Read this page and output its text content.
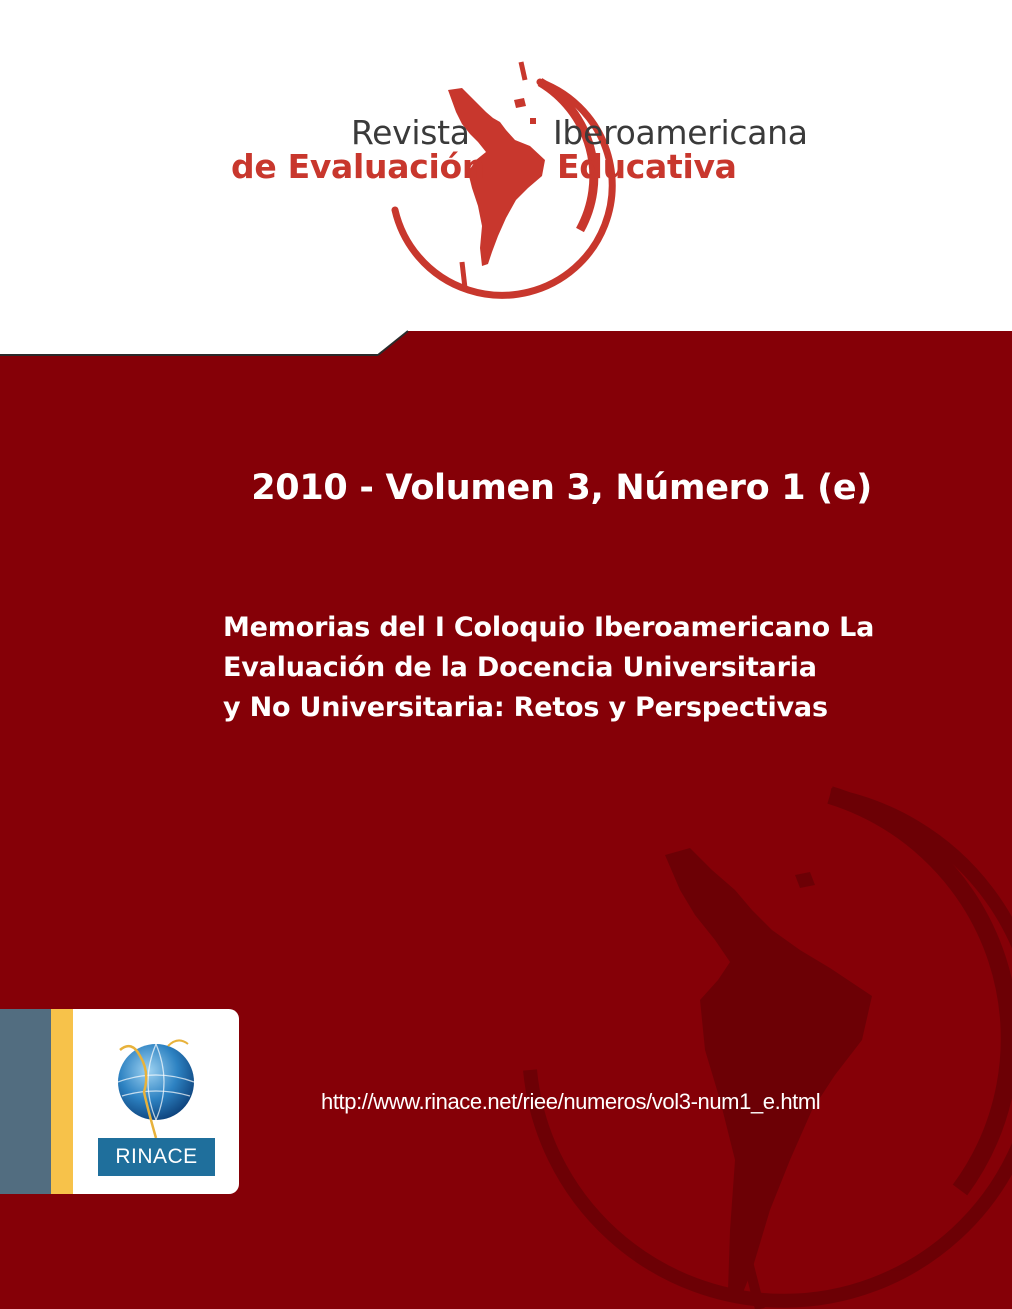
Revista	Iberoamericana
de Evaluación Educativa
2010 - Volumen 3, Número 1 (e)
Memorias del I Coloquio Iberoamericano La
Evaluación de la Docencia Universitaria
y No Universitaria: Retos y Perspectivas
http://www.rinace.net/riee/numeros/vol3-num1_e.html
RINACE
